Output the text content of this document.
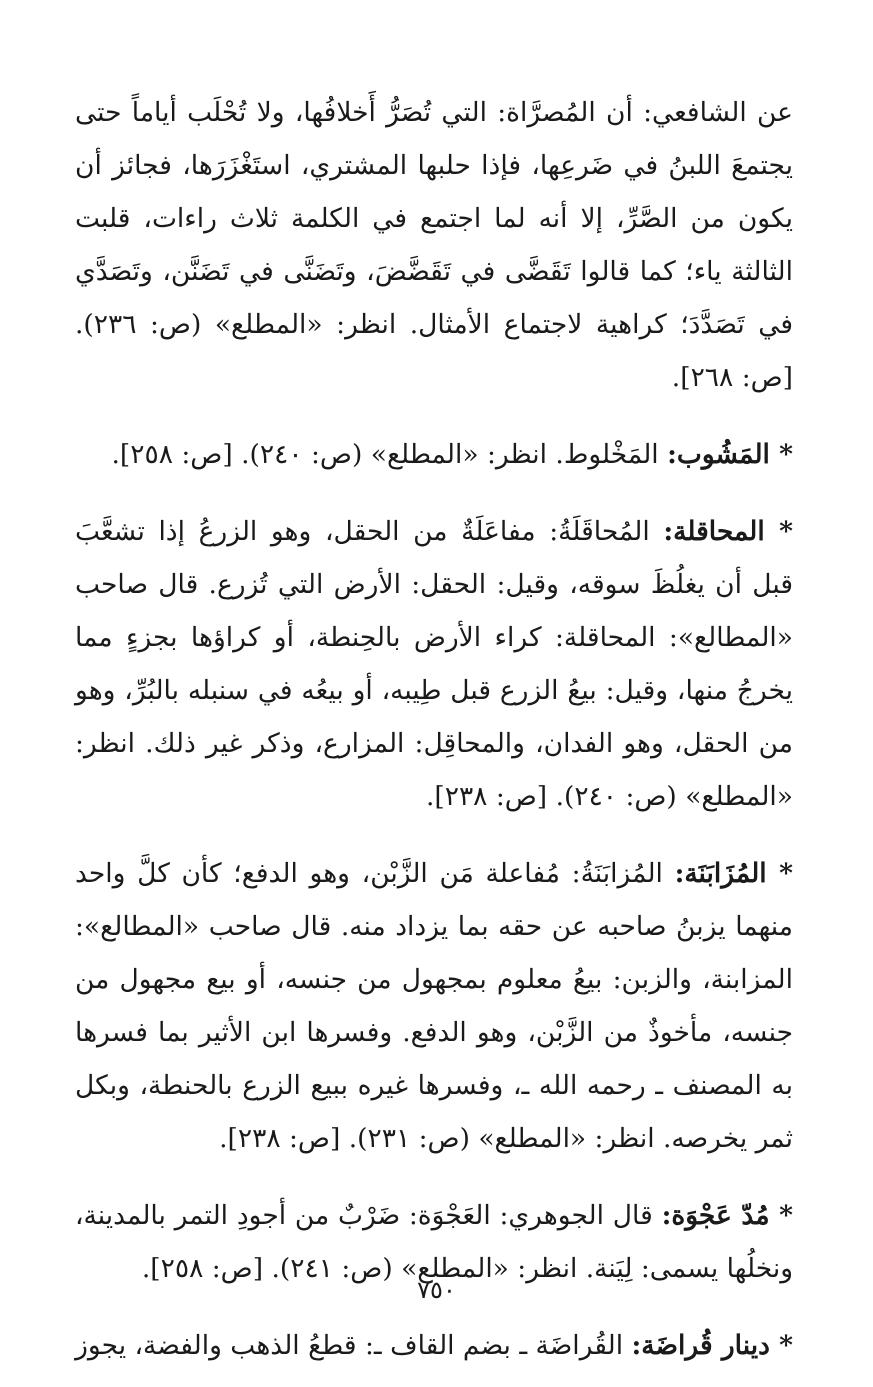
عن الشافعي: أن المُصرَّاة: التي تُصَرُّ أَخلافُها، ولا تُحْلَب أياماً حتى يجتمعَ اللبنُ في ضَرعِها، فإذا حلبها المشتري، استَغْزَرَها، فجائز أن يكون من الصَّرِّ، إلا أنه لما اجتمع في الكلمة ثلاث راءات، قلبت الثالثة ياء؛ كما قالوا تَقَضَّى في تَقَضَّضَ، وتَضَنَّى في تَضَنَّن، وتَصَدَّي في تَصَدَّدَ؛ كراهية لاجتماع الأمثال. انظر: «المطلع» (ص: ٢٣٦). [ص: ٢٦٨].

* المَشُوب: المَخْلوط. انظر: «المطلع» (ص: ٢٤٠). [ص: ٢٥٨].

* المحاقلة: المُحاقَلَةُ: مفاعَلَةٌ من الحقل، وهو الزرعُ إذا تشعَّبَ قبل أن يغلُظَ سوقه، وقيل: الحقل: الأرض التي تُزرع. قال صاحب «المطالع»: المحاقلة: كراء الأرض بالحِنطة، أو كراؤها بجزءٍ مما يخرجُ منها، وقيل: بيعُ الزرع قبل طِيبه، أو بيعُه في سنبله بالبُرِّ، وهو من الحقل، وهو الفدان، والمحاقِل: المزارع، وذكر غير ذلك. انظر: «المطلع» (ص: ٢٤٠). [ص: ٢٣٨].

* المُزَابَنَة: المُزابَنَةُ: مُفاعلة مَن الزَّبْن، وهو الدفع؛ كأن كلَّ واحد منهما يزبنُ صاحبه عن حقه بما يزداد منه. قال صاحب «المطالع»: المزابنة، والزبن: بيعُ معلوم بمجهول من جنسه، أو بيع مجهول من جنسه، مأخوذٌ من الزَّبْن، وهو الدفع. وفسرها ابن الأثير بما فسرها به المصنف ـ رحمه الله ـ، وفسرها غيره ببيع الزرع بالحنطة، وبكل ثمر يخرصه. انظر: «المطلع» (ص: ٢٣١). [ص: ٢٣٨].

* مُدّ عَجْوَة: قال الجوهري: العَجْوَة: ضَرْبٌ من أجودِ التمر بالمدينة، ونخلُها يسمى: لِيَنة. انظر: «المطلع» (ص: ٢٤١). [ص: ٢٥٨].

* دينار قُراضَة: القُراضَة ـ بضم القاف ـ: قطعُ الذهب والفضة، يجوز

٧٥٠
